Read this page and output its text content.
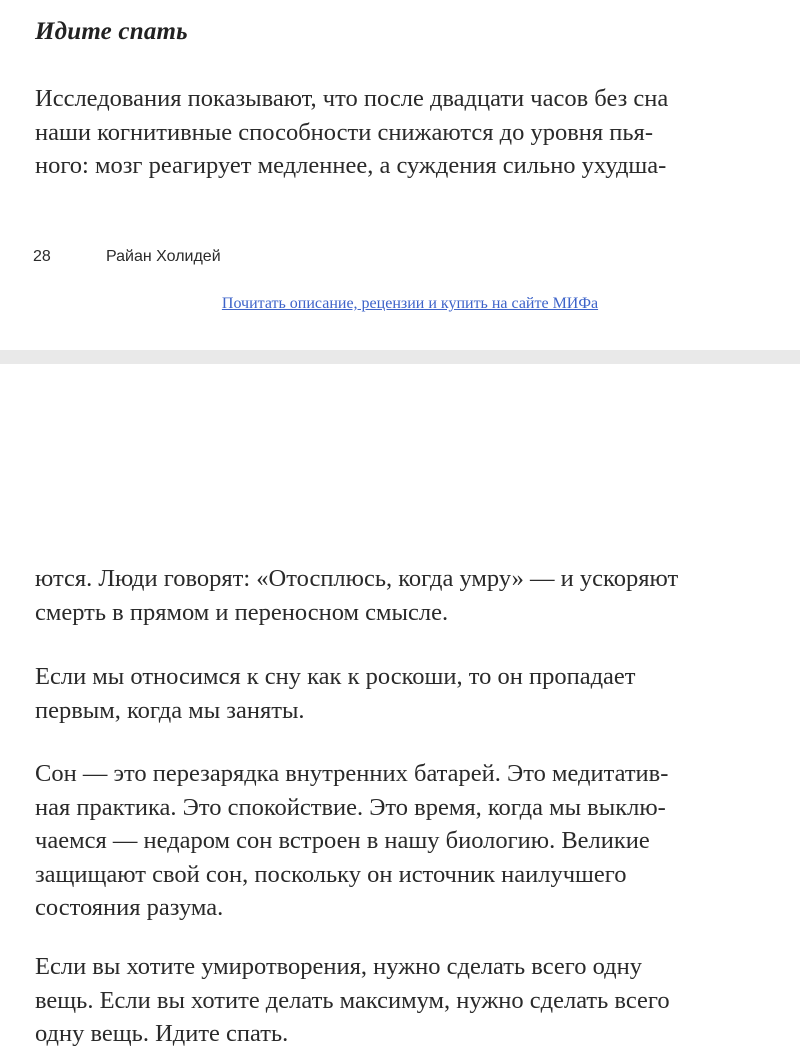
Идите спать

Исследования показывают, что после двадцати часов без сна
наши когнитивные способности снижаются до уровня пья-
ного: мозг реагирует медленнее, а суждения сильно ухудша-

28	Райан Холидей
Почитать описание, рецензии и купить на сайте МИФа

ются. Люди говорят: «Отосплюсь, когда умру» — и ускоряют
смерть в прямом и переносном смысле.

Если мы относимся к сну как к роскоши, то он пропадает
первым, когда мы заняты.

Сон — это перезарядка внутренних батарей. Это медитатив-
ная практика. Это спокойствие. Это время, когда мы выклю-
чаемся — недаром сон встроен в нашу биологию. Великие
защищают свой сон, поскольку он источник наилучшего
состояния разума.

Если вы хотите умиротворения, нужно сделать всего одну
вещь. Если вы хотите делать максимум, нужно сделать всего
одну вещь. Идите спать.
